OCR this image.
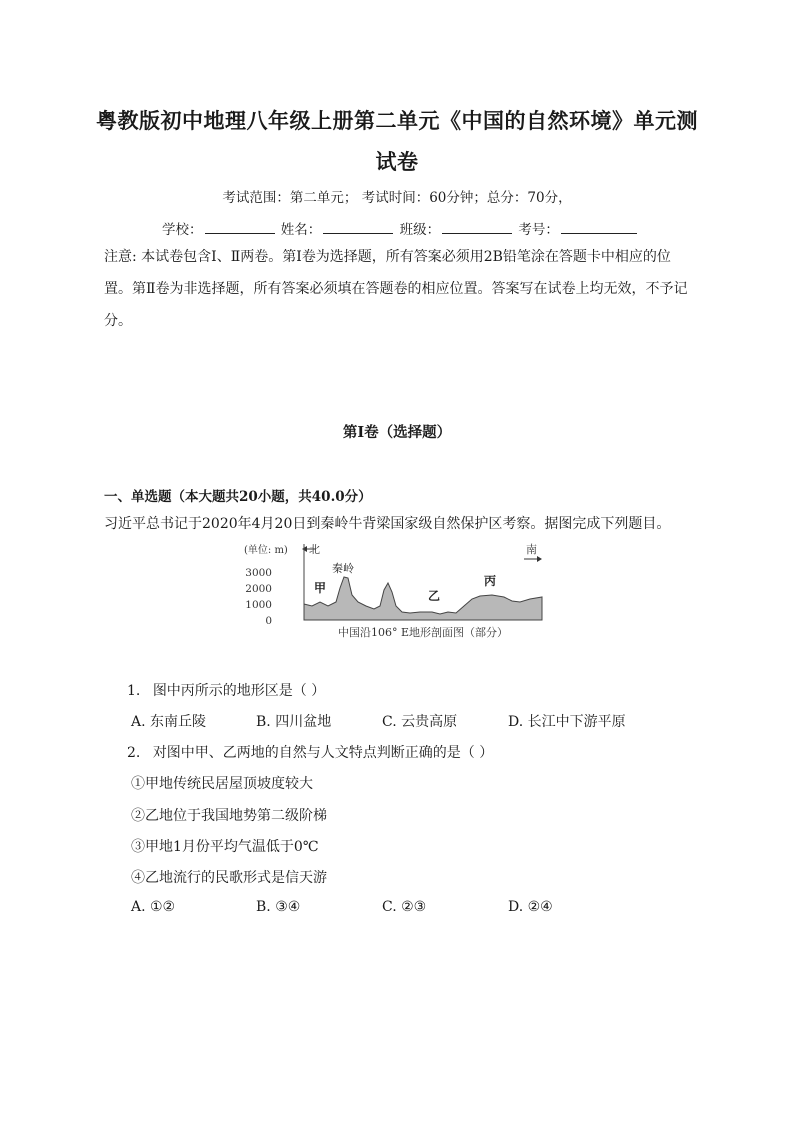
粤教版初中地理八年级上册第二单元《中国的自然环境》单元测
试卷
考试范围：第二单元； 考试时间：60分钟；总分：70分，
学校：	姓名：	班级：	考号：
注意: 本试卷包含Ⅰ、Ⅱ两卷。第Ⅰ卷为选择题，所有答案必须用2B铅笔涂在答题卡中相应的位
置。第Ⅱ卷为非选择题，所有答案必须填在答题卷的相应位置。答案写在试卷上均无效，不予记
分。
第Ⅰ卷（选择题）
一、单选题（本大题共20小题，共40.0分）
习近平总书记于2020年4月20日到秦岭牛背梁国家级自然保护区考察。据图完成下列题目。
(单位: m) 北	南
3000
2000
1000
0
甲
秦岭
乙
丙
中国沿106° E地形剖面图（部分）
1. 图中丙所示的地形区是（ ）
A. 东南丘陵	B. 四川盆地	C. 云贵高原	D. 长江中下游平原
2. 对图中甲、乙两地的自然与人文特点判断正确的是（ ）
①甲地传统民居屋顶坡度较大
②乙地位于我国地势第二级阶梯
③甲地1月份平均气温低于0℃
④乙地流行的民歌形式是信天游
A. ①②	B. ③④	C. ②③	D. ②④
